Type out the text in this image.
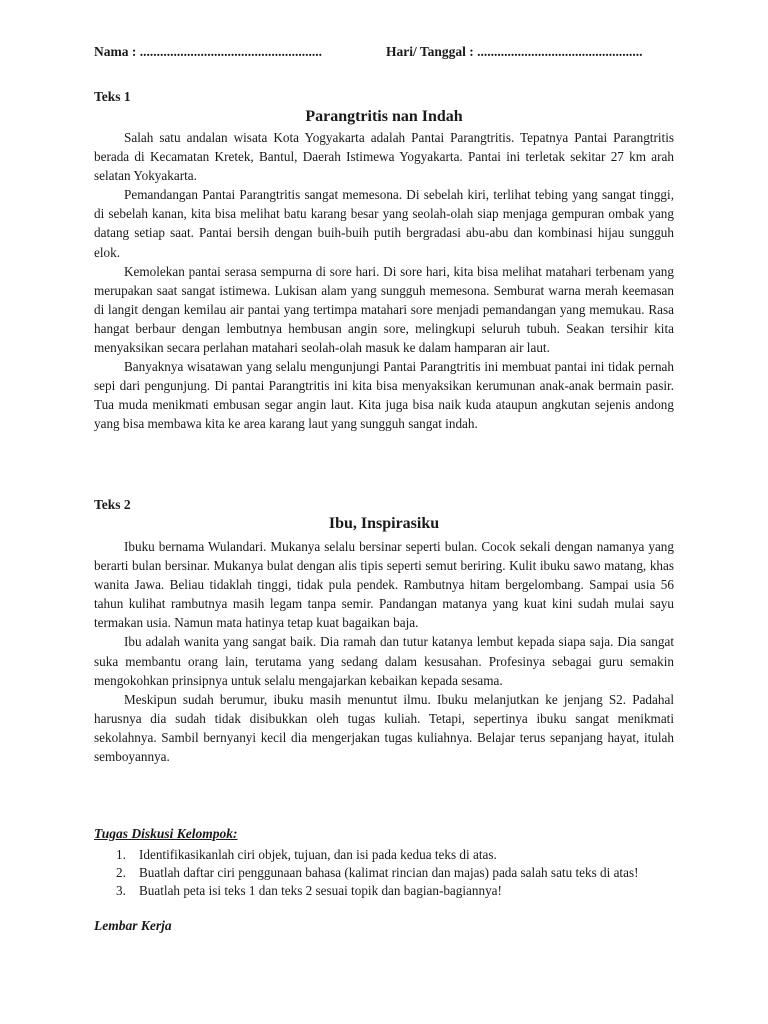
Nama : ......................................................	Hari/ Tanggal : .................................................
Teks 1
Parangtritis nan Indah

Salah satu andalan wisata Kota Yogyakarta adalah Pantai Parangtritis. Tepatnya Pantai Parangtritis berada di Kecamatan Kretek, Bantul, Daerah Istimewa Yogyakarta. Pantai ini terletak sekitar 27 km arah selatan Yokyakarta.

Pemandangan Pantai Parangtritis sangat memesona. Di sebelah kiri, terlihat tebing yang sangat tinggi, di sebelah kanan, kita bisa melihat batu karang besar yang seolah-olah siap menjaga gempuran ombak yang datang setiap saat. Pantai bersih dengan buih-buih putih bergradasi abu-abu dan kombinasi hijau sungguh elok.

Kemolekan pantai serasa sempurna di sore hari. Di sore hari, kita bisa melihat matahari terbenam yang merupakan saat sangat istimewa. Lukisan alam yang sungguh memesona. Semburat warna merah keemasan di langit dengan kemilau air pantai yang tertimpa matahari sore menjadi pemandangan yang memukau. Rasa hangat berbaur dengan lembutnya hembusan angin sore, melingkupi seluruh tubuh. Seakan tersihir kita menyaksikan secara perlahan matahari seolah-olah masuk ke dalam hamparan air laut.

Banyaknya wisatawan yang selalu mengunjungi Pantai Parangtritis ini membuat pantai ini tidak pernah sepi dari pengunjung. Di pantai Parangtritis ini kita bisa menyaksikan kerumunan anak-anak bermain pasir. Tua muda menikmati embusan segar angin laut. Kita juga bisa naik kuda ataupun angkutan sejenis andong yang bisa membawa kita ke area karang laut yang sungguh sangat indah.

Teks 2
Ibu, Inspirasiku

Ibuku bernama Wulandari. Mukanya selalu bersinar seperti bulan. Cocok sekali dengan namanya yang berarti bulan bersinar. Mukanya bulat dengan alis tipis seperti semut beriring. Kulit ibuku sawo matang, khas wanita Jawa. Beliau tidaklah tinggi, tidak pula pendek. Rambutnya hitam bergelombang. Sampai usia 56 tahun kulihat rambutnya masih legam tanpa semir. Pandangan matanya yang kuat kini sudah mulai sayu termakan usia. Namun mata hatinya tetap kuat bagaikan baja.

Ibu adalah wanita yang sangat baik. Dia ramah dan tutur katanya lembut kepada siapa saja. Dia sangat suka membantu orang lain, terutama yang sedang dalam kesusahan. Profesinya sebagai guru semakin mengokohkan prinsipnya untuk selalu mengajarkan kebaikan kepada sesama.

Meskipun sudah berumur, ibuku masih menuntut ilmu. Ibuku melanjutkan ke jenjang S2. Padahal harusnya dia sudah tidak disibukkan oleh tugas kuliah. Tetapi, sepertinya ibuku sangat menikmati sekolahnya. Sambil bernyanyi kecil dia mengerjakan tugas kuliahnya. Belajar terus sepanjang hayat, itulah semboyannya.

Tugas Diskusi Kelompok:
1. Identifikasikanlah ciri objek, tujuan, dan isi pada kedua teks di atas.
2. Buatlah daftar ciri penggunaan bahasa (kalimat rincian dan majas) pada salah satu teks di atas!
3. Buatlah peta isi teks 1 dan teks 2 sesuai topik dan bagian-bagiannya!
Lembar Kerja
